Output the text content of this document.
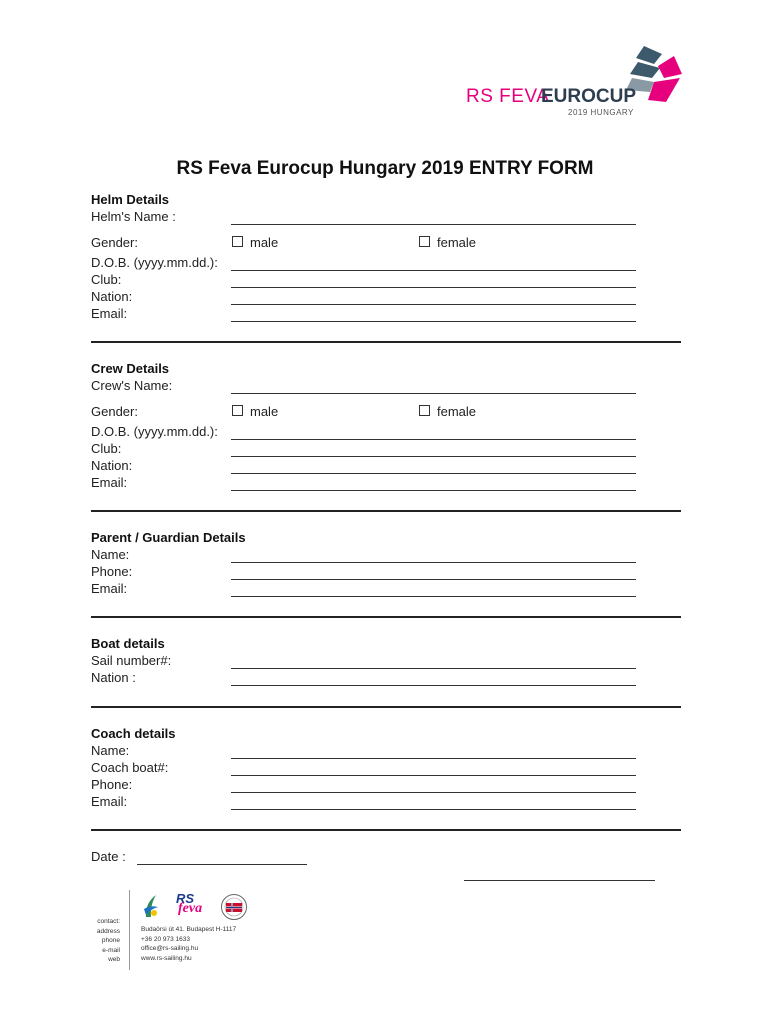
RS FEVA
EUROCUP
2019 HUNGARY
RS Feva Eurocup Hungary 2019 ENTRY FORM
Helm Details
Helm's Name :
Gender:	male	female
D.O.B. (yyyy.mm.dd.):
Club:
Nation:
Email:
Crew Details
Crew's Name:
Gender:	male	female
D.O.B. (yyyy.mm.dd.):
Club:
Nation:
Email:
Parent / Guardian Details
Name:
Phone:
Email:
Boat details
Sail number#:
Nation :
Coach details
Name:
Coach boat#:
Phone:
Email:
Date :
RS
feva
contact:
address
phone
e-mail
web
Budaörsi út 41. Budapest H-1117
+36 20 973 1633
office@rs-sailing.hu
www.rs-sailing.hu
